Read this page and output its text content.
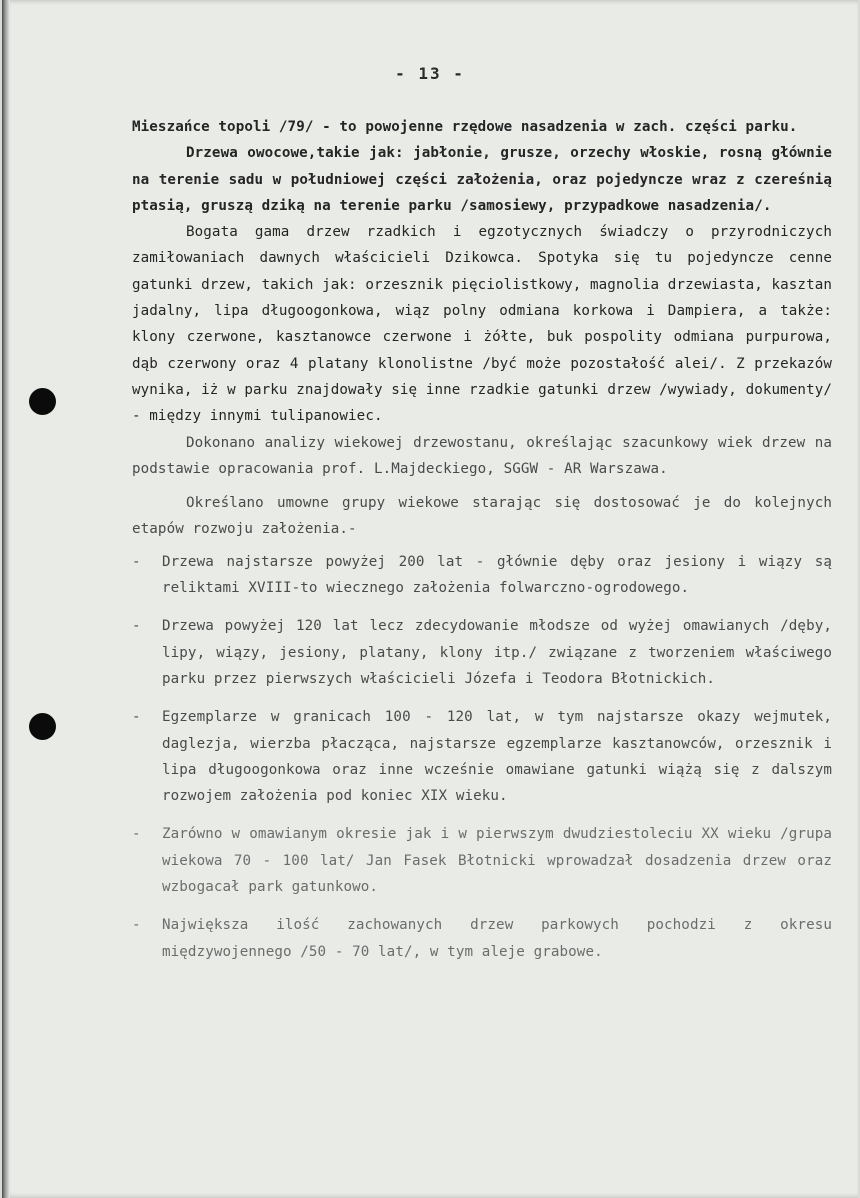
- 13 -

Mieszańce topoli /79/ - to powojenne rzędowe nasadzenia w zach. części parku.

Drzewa owocowe,takie jak: jabłonie, grusze, orzechy włoskie, rosną głównie na terenie sadu w południowej części założenia, oraz pojedyncze wraz z czereśnią ptasią, gruszą dziką na terenie parku /samosiewy, przypadkowe nasadzenia/.

Bogata gama drzew rzadkich i egzotycznych świadczy o przyrodniczych zamiłowaniach dawnych właścicieli Dzikowca. Spotyka się tu pojedyncze cenne gatunki drzew, takich jak: orzesznik pięciolistkowy, magnolia drzewiasta, kasztan jadalny, lipa długoogonkowa, wiąz polny odmiana korkowa i Dampiera, a także: klony czerwone, kasztanowce czerwone i żółte, buk pospolity odmiana purpurowa, dąb czerwony oraz 4 platany klonolistne /być może pozostałość alei/. Z przekazów wynika, iż w parku znajdowały się inne rzadkie gatunki drzew /wywiady, dokumenty/ - między innymi tulipanowiec.

Dokonano analizy wiekowej drzewostanu, określając szacunkowy wiek drzew na podstawie opracowania prof. L.Majdeckiego, SGGW - AR Warszawa.

Określano umowne grupy wiekowe starając się dostosować je do kolejnych etapów rozwoju założenia.-

- Drzewa najstarsze powyżej 200 lat - głównie dęby oraz jesiony i wiązy są reliktami XVIII-to wiecznego założenia folwarczno-ogrodowego.
- Drzewa powyżej 120 lat lecz zdecydowanie młodsze od wyżej omawianych /dęby, lipy, wiązy, jesiony, platany, klony itp./ związane z tworzeniem właściwego parku przez pierwszych właścicieli Józefa i Teodora Błotnickich.
- Egzemplarze w granicach 100 - 120 lat, w tym najstarsze okazy wejmutek, daglezja, wierzba płacząca, najstarsze egzemplarze kasztanowców, orzesznik i lipa długoogonkowa oraz inne wcześnie omawiane gatunki wiążą się z dalszym rozwojem założenia pod koniec XIX wieku.
- Zarówno w omawianym okresie jak i w pierwszym dwudziestoleciu XX wieku /grupa wiekowa 70 - 100 lat/ Jan Fasek Błotnicki wprowadzał dosadzenia drzew oraz wzbogacał park gatunkowo.
- Największa ilość zachowanych drzew parkowych pochodzi z okresu międzywojennego /50 - 70 lat/, w tym aleje grabowe.
